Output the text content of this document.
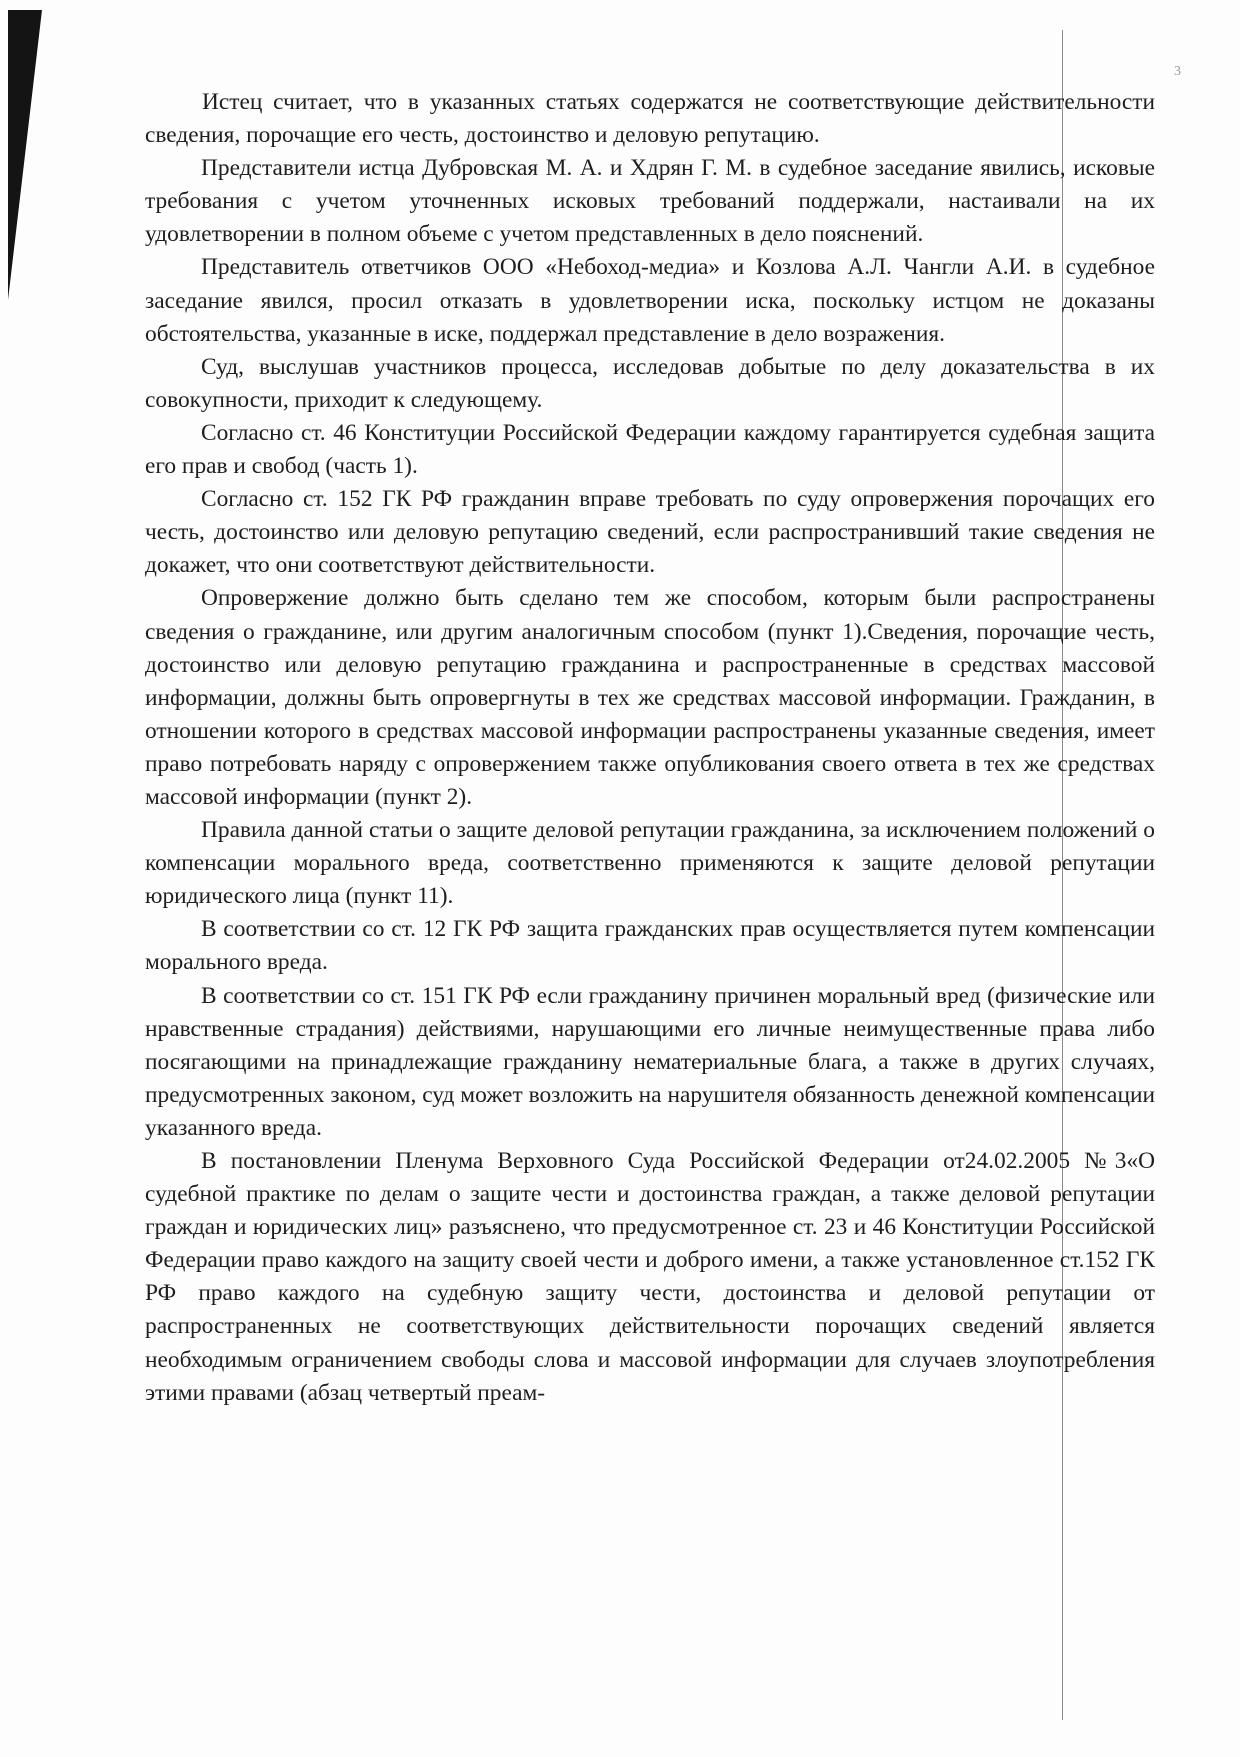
3

Истец считает, что в указанных статьях содержатся не соответствующие действительности сведения, порочащие его честь, достоинство и деловую репутацию.

Представители истца Дубровская М. А. и Хдрян Г. М. в судебное заседание явились, исковые требования с учетом уточненных исковых требований поддержали, настаивали на их удовлетворении в полном объеме с учетом представленных в дело пояснений.

Представитель ответчиков ООО «Небоход-медиа» и Козлова А.Л. Чангли А.И. в судебное заседание явился, просил отказать в удовлетворении иска, поскольку истцом не доказаны обстоятельства, указанные в иске, поддержал представление в дело возражения.

Суд, выслушав участников процесса, исследовав добытые по делу доказательства в их совокупности, приходит к следующему.

Согласно ст. 46 Конституции Российской Федерации каждому гарантируется судебная защита его прав и свобод (часть 1).

Согласно ст. 152 ГК РФ гражданин вправе требовать по суду опровержения порочащих его честь, достоинство или деловую репутацию сведений, если распространивший такие сведения не докажет, что они соответствуют действительности.

Опровержение должно быть сделано тем же способом, которым были распространены сведения о гражданине, или другим аналогичным способом (пункт 1).Сведения, порочащие честь, достоинство или деловую репутацию гражданина и распространенные в средствах массовой информации, должны быть опровергнуты в тех же средствах массовой информации. Гражданин, в отношении которого в средствах массовой информации распространены указанные сведения, имеет право потребовать наряду с опровержением также опубликования своего ответа в тех же средствах массовой информации (пункт 2).

Правила данной статьи о защите деловой репутации гражданина, за исключением положений о компенсации морального вреда, соответственно применяются к защите деловой репутации юридического лица (пункт 11).

В соответствии со ст. 12 ГК РФ защита гражданских прав осуществляется путем компенсации морального вреда.

В соответствии со ст. 151 ГК РФ если гражданину причинен моральный вред (физические или нравственные страдания) действиями, нарушающими его личные неимущественные права либо посягающими на принадлежащие гражданину нематериальные блага, а также в других случаях, предусмотренных законом, суд может возложить на нарушителя обязанность денежной компенсации указанного вреда.

В постановлении Пленума Верховного Суда Российской Федерации от24.02.2005 №3«О судебной практике по делам о защите чести и достоинства граждан, а также деловой репутации граждан и юридических лиц» разъяснено, что предусмотренное ст. 23 и 46 Конституции Российской Федерации право каждого на защиту своей чести и доброго имени, а также установленное ст.152 ГК РФ право каждого на судебную защиту чести, достоинства и деловой репутации от распространенных не соответствующих действительности порочащих сведений является необходимым ограничением свободы слова и массовой информации для случаев злоупотребления этими правами (абзац четвертый преам-
